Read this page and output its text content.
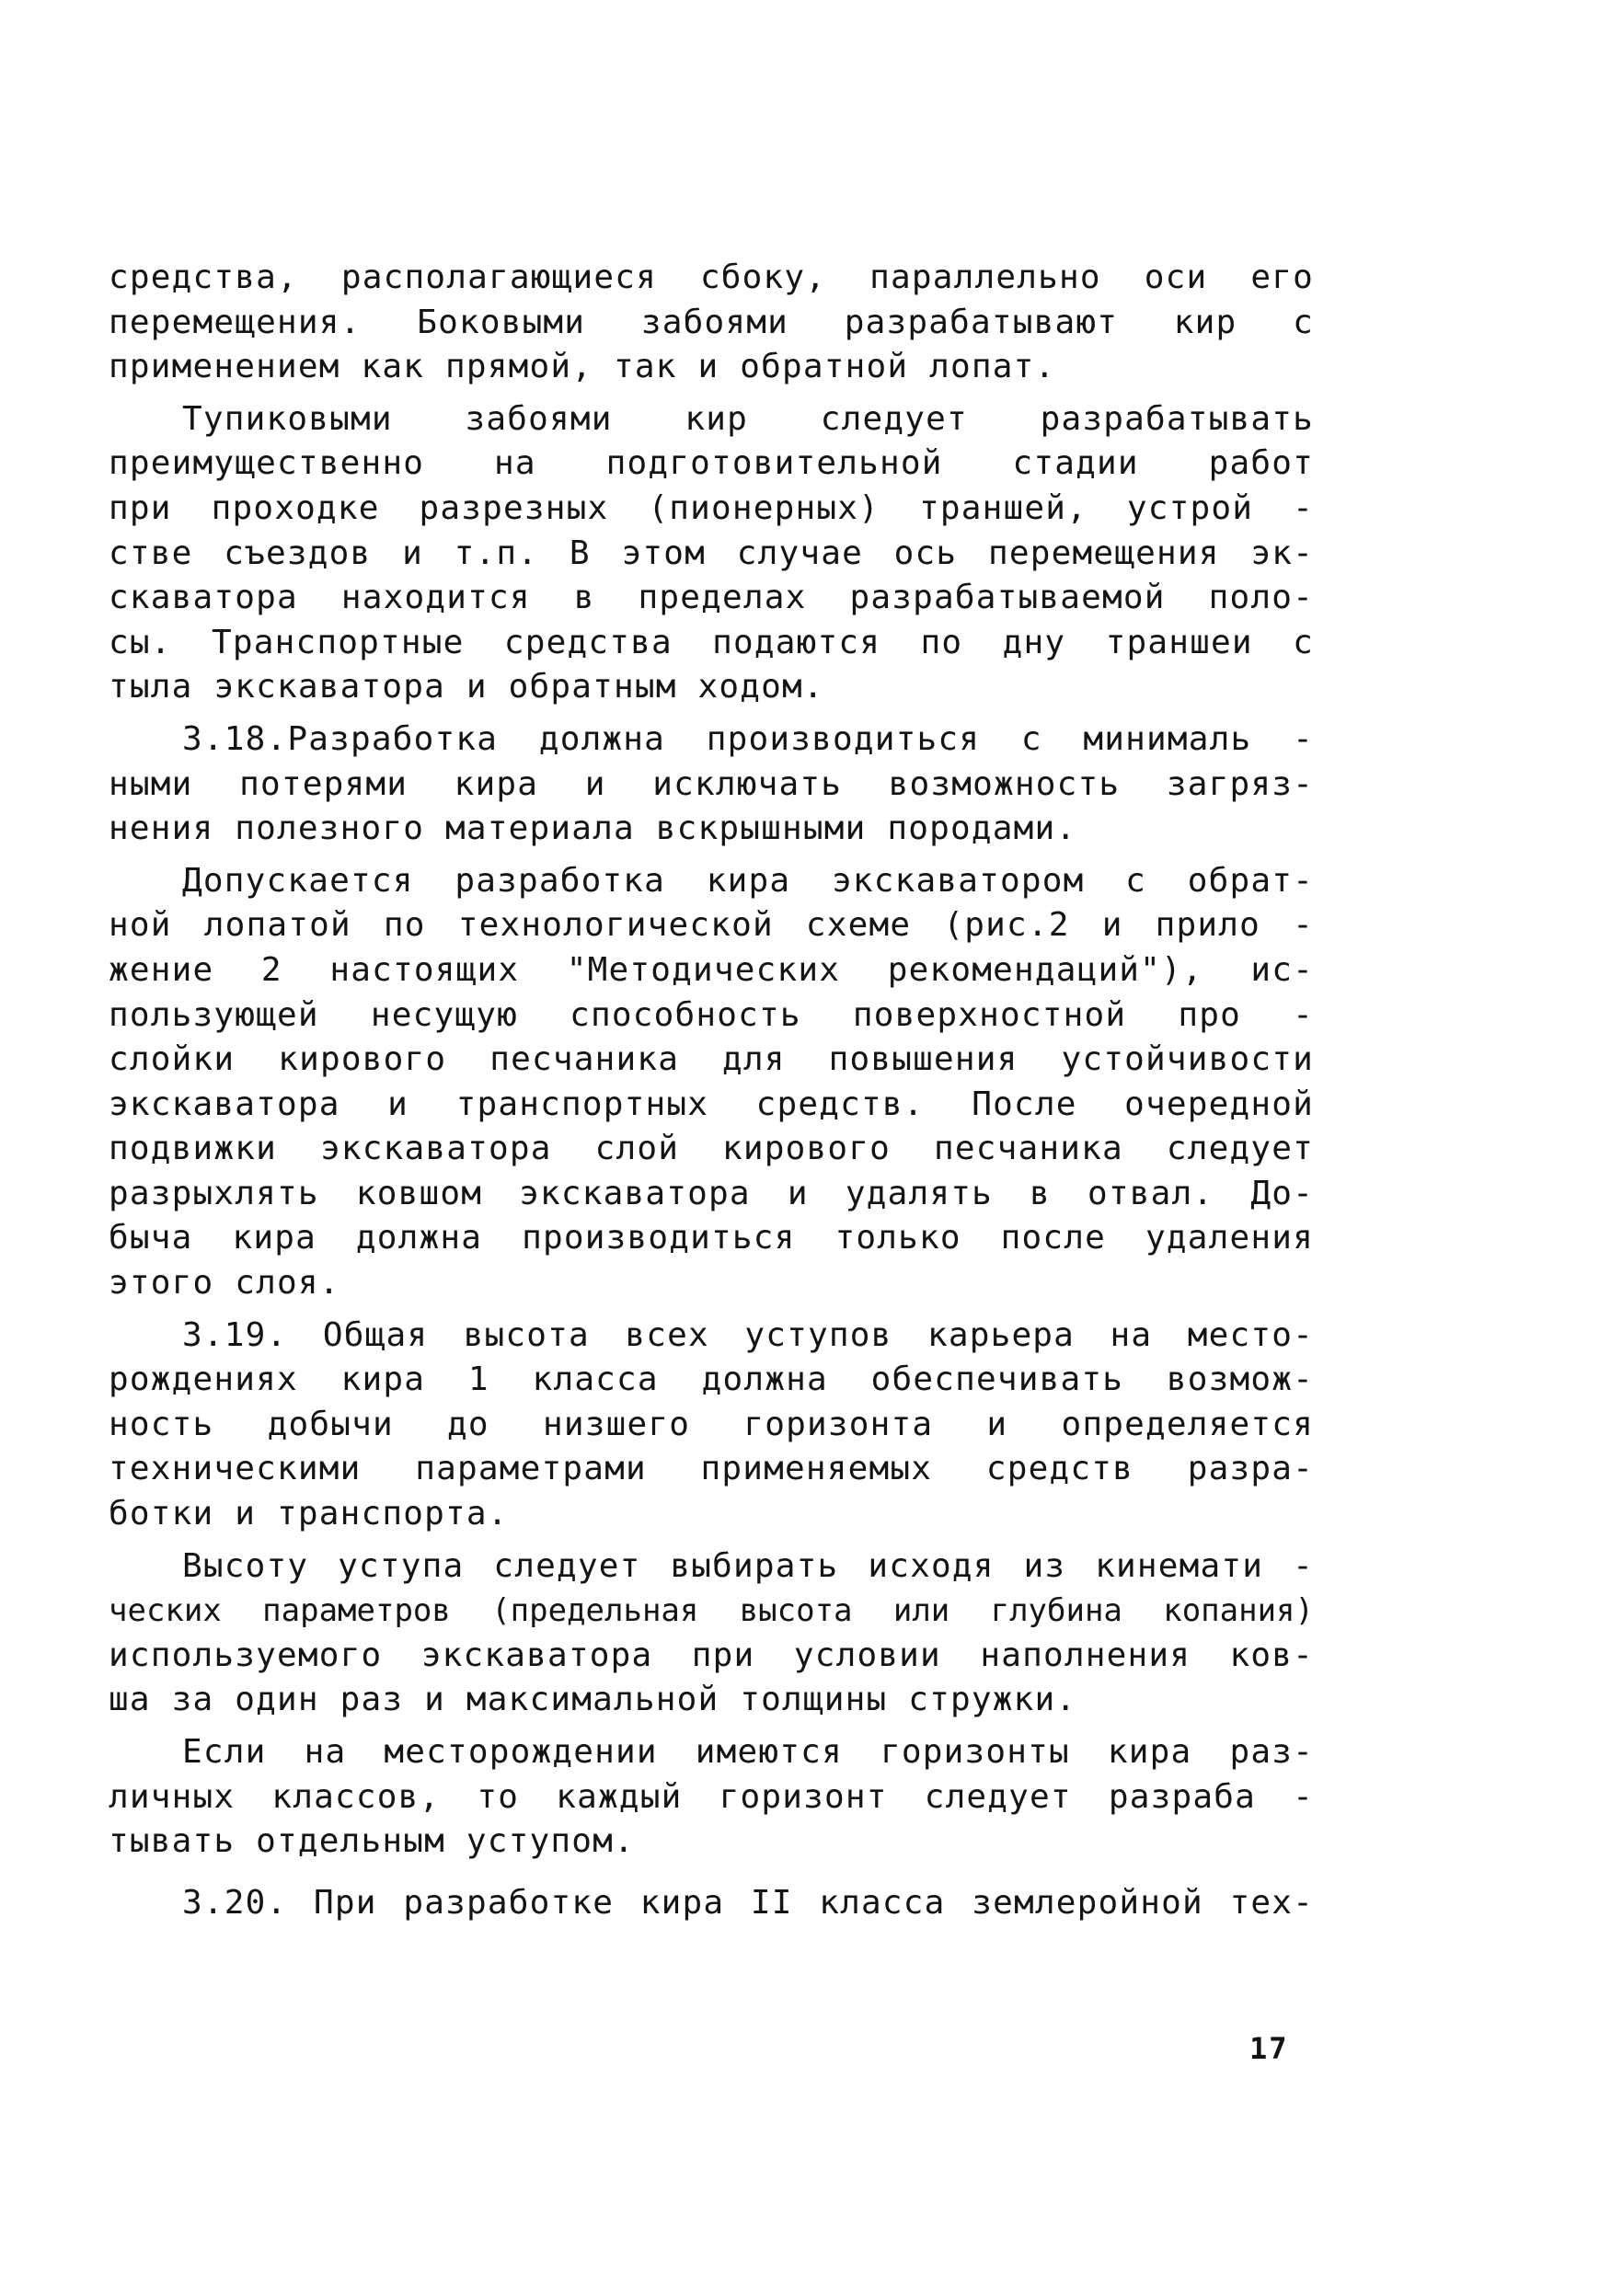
средства, располагающиеся сбоку, параллельно оси его
перемещения. Боковыми забоями разрабатывают кир с
применением как прямой, так и обратной лопат.
Тупиковыми забоями кир следует разрабатывать
преимущественно на подготовительной стадии работ
при проходке разрезных (пионерных) траншей, устрой -
стве съездов и т.п. В этом случае ось перемещения эк-
скаватора находится в пределах разрабатываемой поло-
сы. Транспортные средства подаются по дну траншеи с
тыла экскаватора и обратным ходом.
3.18.Разработка должна производиться с минималь -
ными потерями кира и исключать возможность загряз-
нения полезного материала вскрышными породами.
Допускается разработка кира экскаватором с обрат-
ной лопатой по технологической схеме (рис.2 и прило -
жение 2 настоящих "Методических рекомендаций"), ис-
пользующей несущую способность поверхностной про -
слойки кирового песчаника для повышения устойчивости
экскаватора и транспортных средств. После очередной
подвижки экскаватора слой кирового песчаника следует
разрыхлять ковшом экскаватора и удалять в отвал. До-
быча кира должна производиться только после удаления
этого слоя.
3.19. Общая высота всех уступов карьера на место-
рождениях кира 1 класса должна обеспечивать возмож-
ность добычи до низшего горизонта и определяется
техническими параметрами применяемых средств разра-
ботки и транспорта.
Высоту уступа следует выбирать исходя из кинемати -
ческих параметров (предельная высота или глубина копания)
используемого экскаватора при условии наполнения ков-
ша за один раз и максимальной толщины стружки.
Если на месторождении имеются горизонты кира раз-
личных классов, то каждый горизонт следует разраба -
тывать отдельным уступом.
3.20. При разработке кира II класса землеройной тех-
17
